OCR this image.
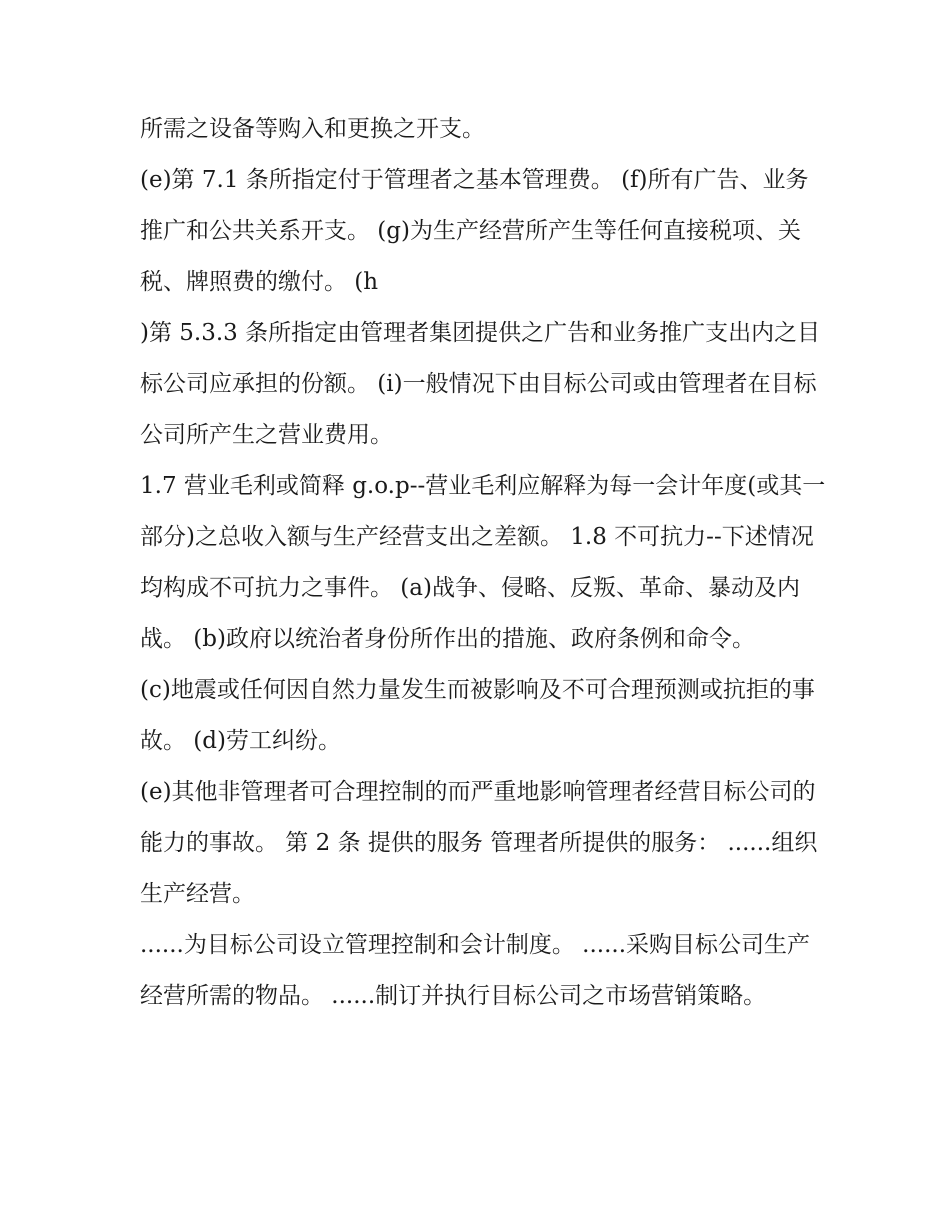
所需之设备等购入和更换之开支。

(e)第 7.1 条所指定付于管理者之基本管理费。 (f)所有广告、业务推广和公共关系开支。 (g)为生产经营所产生等任何直接税项、关税、牌照费的缴付。 (h

)第 5.3.3 条所指定由管理者集团提供之广告和业务推广支出内之目标公司应承担的份额。 (i)一般情况下由目标公司或由管理者在目标公司所产生之营业费用。

1.7 营业毛利或简释 g.o.p--营业毛利应解释为每一会计年度(或其一部分)之总收入额与生产经营支出之差额。 1.8 不可抗力--下述情况均构成不可抗力之事件。 (a)战争、侵略、反叛、革命、暴动及内战。 (b)政府以统治者身份所作出的措施、政府条例和命令。

(c)地震或任何因自然力量发生而被影响及不可合理预测或抗拒的事故。 (d)劳工纠纷。

(e)其他非管理者可合理控制的而严重地影响管理者经营目标公司的能力的事故。 第 2 条 提供的服务 管理者所提供的服务： ......组织生产经营。

......为目标公司设立管理控制和会计制度。 ......采购目标公司生产经营所需的物品。 ......制订并执行目标公司之市场营销策略。
